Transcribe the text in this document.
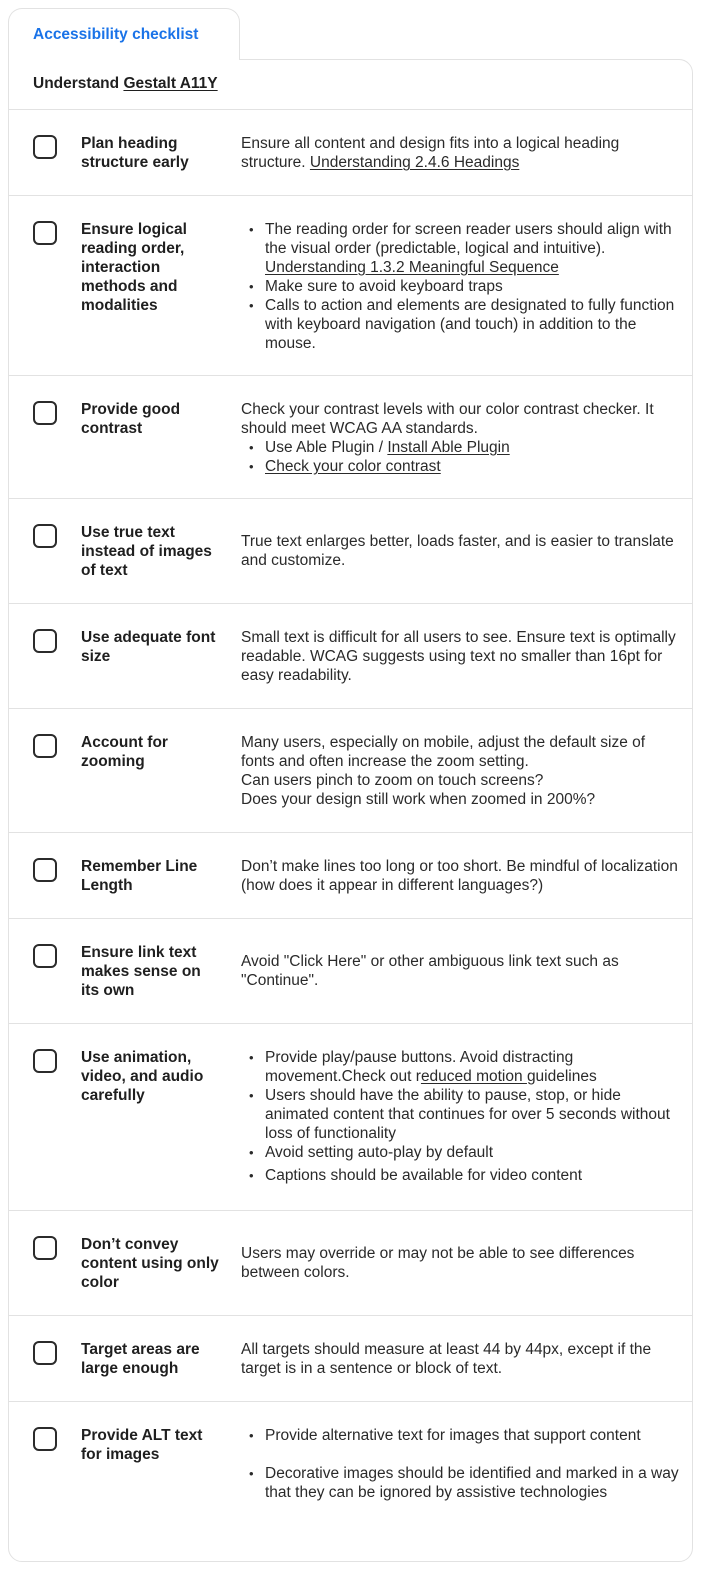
Accessibility checklist
Understand Gestalt A11Y
Plan heading structure early
Ensure all content and design fits into a logical heading structure. Understanding 2.4.6 Headings
Ensure logical reading order, interaction methods and modalities
• The reading order for screen reader users should align with the visual order (predictable, logical and intuitive). Understanding 1.3.2 Meaningful Sequence
• Make sure to avoid keyboard traps
• Calls to action and elements are designated to fully function with keyboard navigation (and touch) in addition to the mouse.
Provide good contrast
Check your contrast levels with our color contrast checker. It should meet WCAG AA standards.
• Use Able Plugin / Install Able Plugin
• Check your color contrast
Use true text instead of images of text
True text enlarges better, loads faster, and is easier to translate and customize.
Use adequate font size
Small text is difficult for all users to see. Ensure text is optimally readable. WCAG suggests using text no smaller than 16pt for easy readability.
Account for zooming
Many users, especially on mobile, adjust the default size of fonts and often increase the zoom setting.
Can users pinch to zoom on touch screens?
Does your design still work when zoomed in 200%?
Remember Line Length
Don’t make lines too long or too short. Be mindful of localization (how does it appear in different languages?)
Ensure link text makes sense on its own
Avoid "Click Here" or other ambiguous link text such as "Continue".
Use animation, video, and audio carefully
• Provide play/pause buttons. Avoid distracting movement.Check out reduced motion guidelines
• Users should have the ability to pause, stop, or hide animated content that continues for over 5 seconds without loss of functionality
• Avoid setting auto-play by default
• Captions should be available for video content
Don’t convey content using only color
Users may override or may not be able to see differences between colors.
Target areas are large enough
All targets should measure at least 44 by 44px, except if the target is in a sentence or block of text.
Provide ALT text for images
• Provide alternative text for images that support content
• Decorative images should be identified and marked in a way that they can be ignored by assistive technologies
